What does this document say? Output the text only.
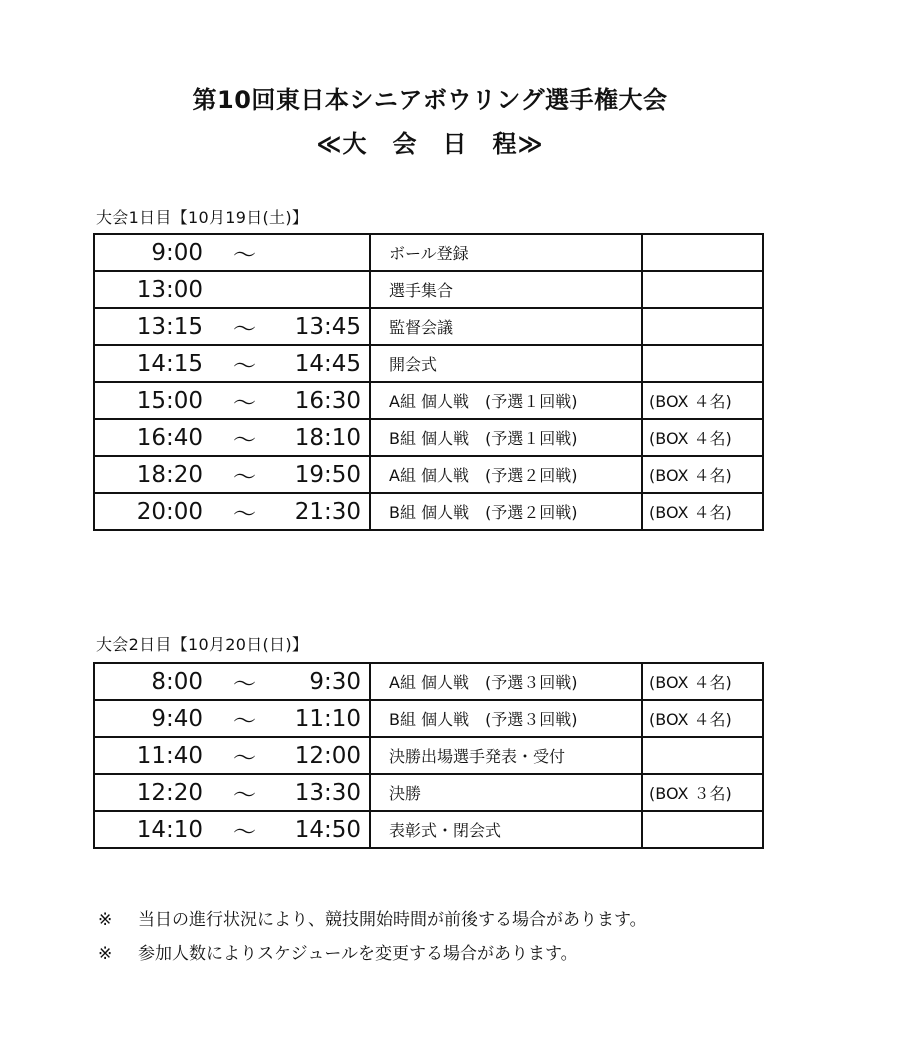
第10回東日本シニアボウリング選手権大会
≪大　会　日　程≫
大会1日目【10月19日(土)】
9:00 ～	ボール登録	

13:00	選手集合	

13:15 ～ 13:45	監督会議	

14:15 ～ 14:45	開会式	

15:00 ～ 16:30	A組 個人戦　(予選１回戦)	(BOX ４名)

16:40 ～ 18:10	B組 個人戦　(予選１回戦)	(BOX ４名)

18:20 ～ 19:50	A組 個人戦　(予選２回戦)	(BOX ４名)

20:00 ～ 21:30	B組 個人戦　(予選２回戦)	(BOX ４名)
大会2日目【10月20日(日)】
8:00 ～ 9:30	A組 個人戦　(予選３回戦)	(BOX ４名)

9:40 ～ 11:10	B組 個人戦　(予選３回戦)	(BOX ４名)

11:40 ～ 12:00	決勝出場選手発表・受付	

12:20 ～ 13:30	決勝	(BOX ３名)

14:10 ～ 14:50	表彰式・閉会式	
※ 当日の進行状況により、競技開始時間が前後する場合があります。
※ 参加人数によりスケジュールを変更する場合があります。
